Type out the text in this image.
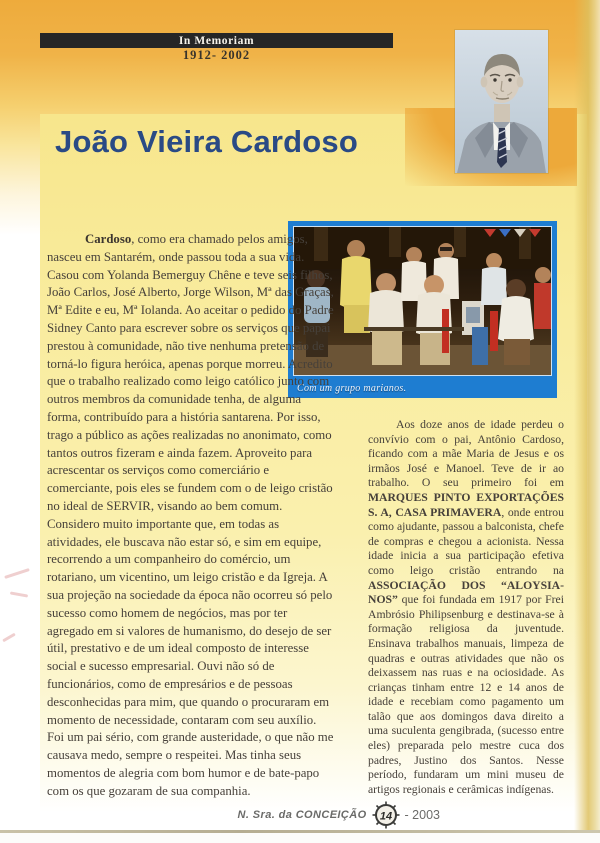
In Memoriam
1912- 2002
João Vieira Cardoso
Com um grupo marianos.
Cardoso, como era chamado pelos amigos, nasceu em Santarém, onde passou toda a sua vida. Casou com Yolanda Bemerguy Chêne e teve seis filhos, João Carlos, José Alberto, Jorge Wilson, Mª das Graças, Mª Edite e eu, Mª Iolanda. Ao aceitar o pedido do Padre Sidney Canto para escrever sobre os serviços que papai prestou à comunidade, não tive nenhuma pretensão de torná-lo figura heróica, apenas porque morreu. Acredito que o trabalho realizado como leigo católico junto com outros membros da comunidade tenha, de alguma forma, contribuído para a história santarena. Por isso, trago a público as ações realizadas no anonimato, como tantos outros fizeram e ainda fazem. Aproveito para acrescentar os serviços como comerciário e comerciante, pois eles se fundem com o de leigo cristão no ideal de SERVIR, visando ao bem comum. Considero muito importante que, em todas as atividades, ele buscava não estar só, e sim em equipe, recorrendo a um companheiro do comércio, um rotariano, um vicentino, um leigo cristão e da Igreja. A sua projeção na sociedade da época não ocorreu só pelo sucesso como homem de negócios, mas por ter agregado em si valores de humanismo, do desejo de ser útil, prestativo e de um ideal composto de interesse social e sucesso empresarial. Ouvi não só de funcionários, como de empresários e de pessoas desconhecidas para mim, que quando o procuraram em momento de necessidade, contaram com seu auxílio. Foi um pai sério, com grande austeridade, o que não me causava medo, sempre o respeitei. Mas tinha seus momentos de alegria com bom humor e de bate-papo com os que gozaram de sua companhia.
Aos doze anos de idade perdeu o convívio com o pai, Antônio Cardoso, ficando com a mãe Maria de Jesus e os irmãos José e Manoel. Teve de ir ao trabalho. O seu primeiro foi em MARQUES PINTO EXPORTAÇÕES S. A, CASA PRIMAVERA, onde entrou como ajudante, passou a balconista, chefe de compras e chegou a acionista. Nessa idade inicia a sua participação efetiva como leigo cristão entrando na ASSOCIAÇÃO DOS “ALOYSIA-NOS” que foi fundada em 1917 por Frei Ambrósio Philipsenburg e destinava-se à formação religiosa da juventude. Ensinava trabalhos manuais, limpeza de quadras e outras atividades que não os deixassem nas ruas e na ociosidade. As crianças tinham entre 12 e 14 anos de idade e recebiam como pagamento um talão que aos domingos dava direito a uma suculenta gengibrada, (sucesso entre eles) preparada pelo mestre cuca dos padres, Justino dos Santos. Nesse período, fundaram um mini museu de artigos regionais e cerâmicas indígenas.
N. Sra. da CONCEIÇÃO 14 - 2003
